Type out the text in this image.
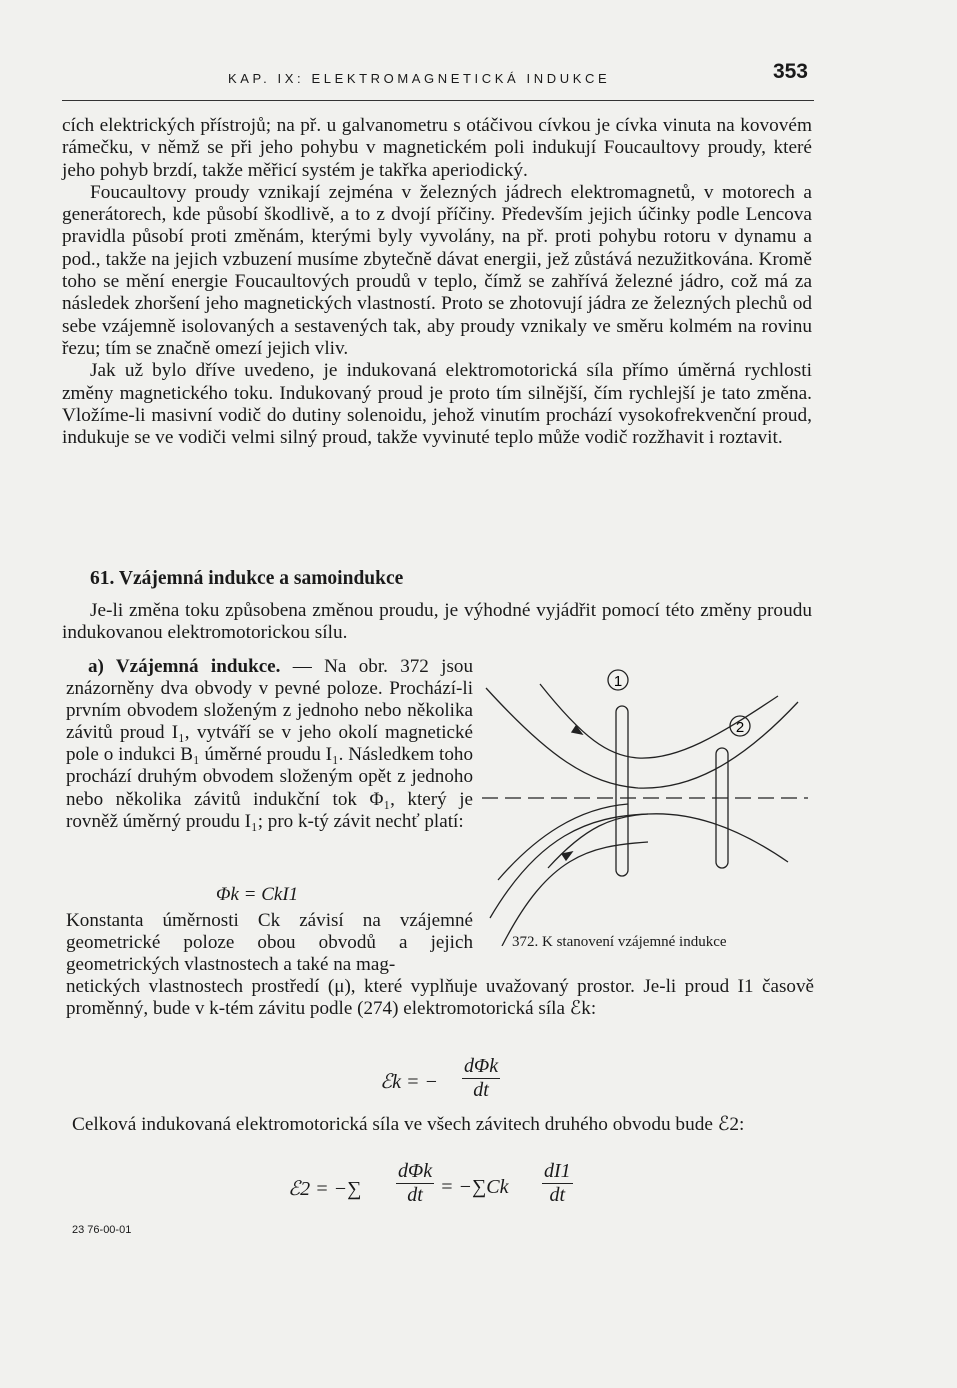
KAP. IX: ELEKTROMAGNETICKÁ INDUKCE	353

cích elektrických přístrojů; na př. u galvanometru s otáčivou cívkou je cívka vinuta na kovovém rámečku, v němž se při jeho pohybu v magnetickém poli indukují Foucaultovy proudy, které jeho pohyb brzdí, takže měřicí systém je takřka aperiodický.

Foucaultovy proudy vznikají zejména v železných jádrech elektromagnetů, v motorech a generátorech, kde působí škodlivě, a to z dvojí příčiny. Především jejich účinky podle Lencova pravidla působí proti změnám, kterými byly vyvolány, na př. proti pohybu rotoru v dynamu a pod., takže na jejich vzbuzení musíme zbytečně dávat energii, jež zůstává nezužitkována. Kromě toho se mění energie Foucaultových proudů v teplo, čímž se zahřívá železné jádro, což má za následek zhoršení jeho magnetických vlastností. Proto se zhotovují jádra ze železných plechů od sebe vzájemně isolovaných a sestavených tak, aby proudy vznikaly ve směru kolmém na rovinu řezu; tím se značně omezí jejich vliv.

Jak už bylo dříve uvedeno, je indukovaná elektromotorická síla přímo úměrná rychlosti změny magnetického toku. Indukovaný proud je proto tím silnější, čím rychlejší je tato změna. Vložíme-li masivní vodič do dutiny solenoidu, jehož vinutím prochází vysokofrekvenční proud, indukuje se ve vodiči velmi silný proud, takže vyvinuté teplo může vodič rozžhavit i roztavit.

61. Vzájemná indukce a samoindukce
Je-li změna toku způsobena změnou proudu, je výhodné vyjádřit pomocí této změny proudu indukovanou elektromotorickou sílu.

a) Vzájemná indukce. — Na obr. 372 jsou znázorněny dva obvody v pevné poloze. Prochází-li prvním obvodem složeným z jednoho nebo několika závitů proud I₁, vytváří se v jeho okolí magnetické pole o indukci B₁ úměrné proudu I₁. Následkem toho prochází druhým obvodem složeným opět z jednoho nebo několika závitů indukční tok Φ₁, který je rovněž úměrný proudu I₁; pro k-tý závit nechť platí:

Φk = CkI1
Konstanta úměrnosti Ck závisí na vzájemné geometrické poloze obou obvodů a jejich geometrických vlastnostech a také na mag-
netických vlastnostech prostředí (μ), které vyplňuje uvažovaný prostor. Je-li proud I1 časově proměnný, bude v k-tém závitu podle (274) elektromotorická síla ℰk:
ℰk = −
dΦk
dt
Celková indukovaná elektromotorická síla ve všech závitech druhého obvodu bude ℰ2:
ℰ2 = −∑
dΦk
dt = $-\sum Ck \frac{dI1}{dt}$
1
2
372. K stanovení vzájemné indukce
23 76-00-01
